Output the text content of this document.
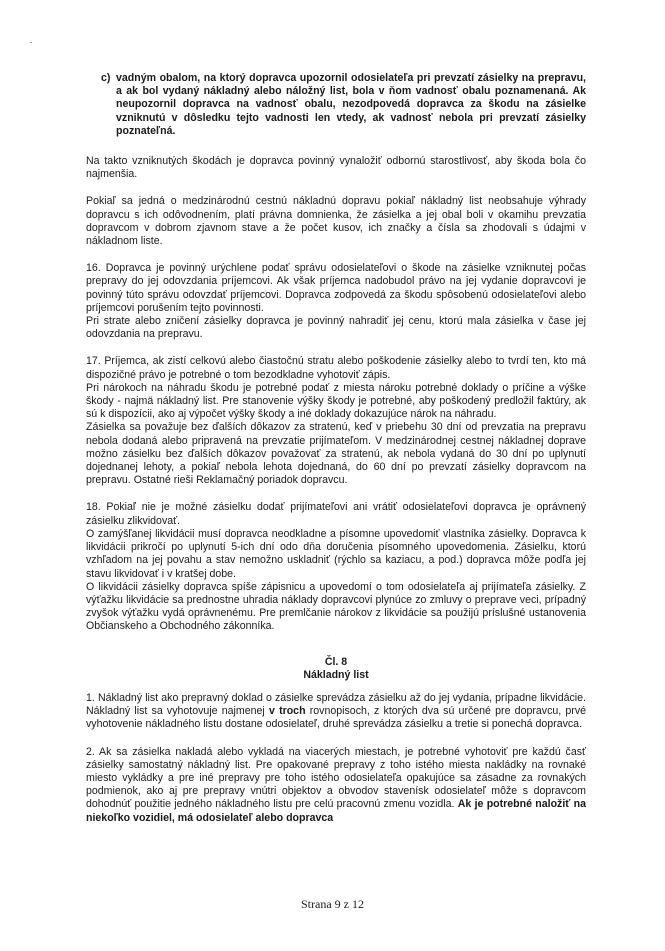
c) vadným obalom, na ktorý dopravca upozornil odosielateľa pri prevzatí zásielky na prepravu, a ak bol vydaný nákladný alebo náložný list, bola v ňom vadnosť obalu poznamenaná. Ak neupozornil dopravca na vadnosť obalu, nezodpovedá dopravca za škodu na zásielke vzniknutú v dôsledku tejto vadnosti len vtedy, ak vadnosť nebola pri prevzatí zásielky poznateľná.

Na takto vzniknutých škodách je dopravca povinný vynaložiť odbornú starostlivosť, aby škoda bola čo najmenšia.

Pokiaľ sa jedná o medzinárodnú cestnú nákladnú dopravu pokiaľ nákladný list neobsahuje výhrady dopravcu s ich odôvodnením, platí právna domnienka, že zásielka a jej obal boli v okamihu prevzatia dopravcom v dobrom zjavnom stave a že počet kusov, ich značky a čísla sa zhodovali s údajmi v nákladnom liste.

16. Dopravca je povinný urýchlene podať správu odosielateľovi o škode na zásielke vzniknutej počas prepravy do jej odovzdania príjemcovi. Ak však príjemca nadobudol právo na jej vydanie dopravcovi je povinný túto správu odovzdať príjemcovi. Dopravca zodpovedá za škodu spôsobenú odosielateľovi alebo príjemcovi porušením tejto povinnosti.
Pri strate alebo zničení zásielky dopravca je povinný nahradiť jej cenu, ktorú mala zásielka v čase jej odovzdania na prepravu.

17. Príjemca, ak zistí celkovú alebo čiastočnú stratu alebo poškodenie zásielky alebo to tvrdí ten, kto má dispozičné právo je potrebné o tom bezodkladne vyhotoviť zápis.
Pri nárokoch na náhradu škodu je potrebné podať z miesta nároku potrebné doklady o príčine a výške škody - najmä nákladný list. Pre stanovenie výšky škody je potrebné, aby poškodený predložil faktúry, ak sú k dispozícii, ako aj výpočet výšky škody a iné doklady dokazujúce nárok na náhradu.
Zásielka sa považuje bez ďalších dôkazov za stratenú, keď v priebehu 30 dní od prevzatia na prepravu nebola dodaná alebo pripravená na prevzatie prijímateľom. V medzinárodnej cestnej nákladnej doprave možno zásielku bez ďalších dôkazov považovať za stratenú, ak nebola vydaná do 30 dní po uplynutí dojednanej lehoty, a pokiaľ nebola lehota dojednaná, do 60 dní po prevzatí zásielky dopravcom na prepravu. Ostatné rieši Reklamačný poriadok dopravcu.

18. Pokiaľ nie je možné zásielku dodať prijímateľovi ani vrátiť odosielateľovi dopravca je oprávnený zásielku zlikvidovať.
O zamýšľanej likvidácii musí dopravca neodkladne a písomne upovedomiť vlastníka zásielky. Dopravca k likvidácii prikročí po uplynutí 5-ich dní odo dňa doručenia písomného upovedomenia. Zásielku, ktorú vzhľadom na jej povahu a stav nemožno uskladniť (rýchlo sa kaziacu, a pod.) dopravca môže podľa jej stavu likvidovať i v kratšej dobe.
O likvidácii zásielky dopravca spíše zápisnicu a upovedomí o tom odosielateľa aj prijímateľa zásielky. Z výťažku likvidácie sa prednostne uhradia náklady dopravcovi plynúce zo zmluvy o preprave veci, prípadný zvyšok výťažku vydá oprávnenému. Pre premlčanie nárokov z likvidácie sa použijú príslušné ustanovenia Občianskeho a Obchodného zákonníka.

Čl. 8
Nákladný list

1. Nákladný list ako prepravný doklad o zásielke sprevádza zásielku až do jej vydania, prípadne likvidácie. Nákladný list sa vyhotovuje najmenej v troch rovnopisoch, z ktorých dva sú určené pre dopravcu, prvé vyhotovenie nákladného listu dostane odosielateľ, druhé sprevádza zásielku a tretie si ponechá dopravca.

2. Ak sa zásielka nakladá alebo vykladá na viacerých miestach, je potrebné vyhotoviť pre každú časť zásielky samostatný nákladný list. Pre opakované prepravy z toho istého miesta nakládky na rovnaké miesto vykládky a pre iné prepravy pre toho istého odosielateľa opakujúce sa zásadne za rovnakých podmienok, ako aj pre prepravy vnútri objektov a obvodov stavenísk odosielateľ môže s dopravcom dohodnúť použitie jedného nákladného listu pre celú pracovnú zmenu vozidla. Ak je potrebné naložiť na niekoľko vozidiel, má odosielateľ alebo dopravca

Strana 9 z 12
